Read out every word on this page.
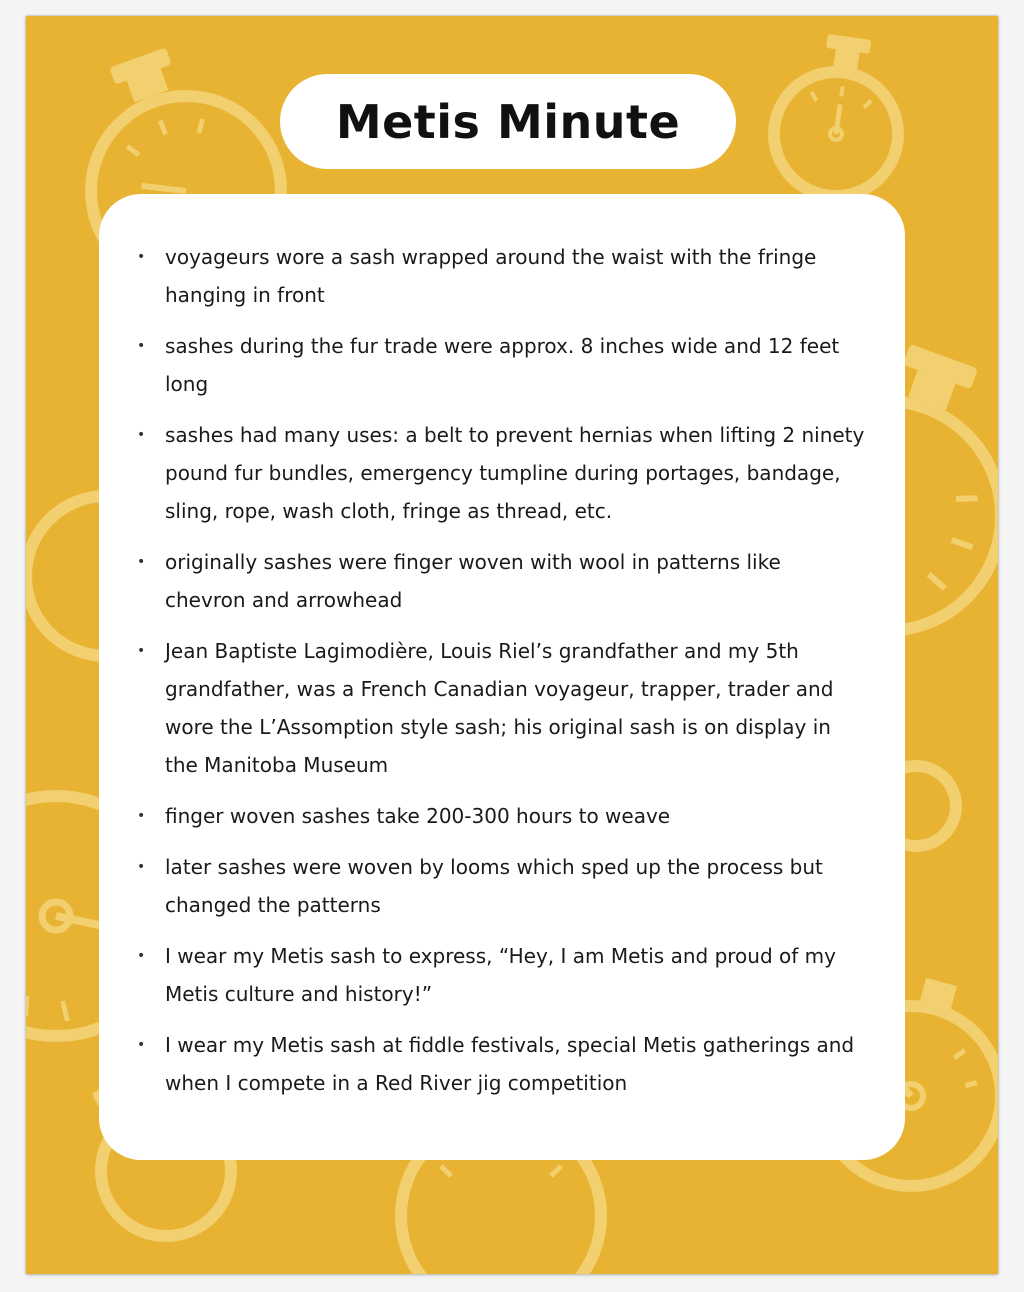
Metis Minute
• voyageurs wore a sash wrapped around the waist with the fringe hanging in front
• sashes during the fur trade were approx. 8 inches wide and 12 feet long
• sashes had many uses: a belt to prevent hernias when lifting 2 ninety pound fur bundles, emergency tumpline during portages, bandage, sling, rope, wash cloth, fringe as thread, etc.
• originally sashes were finger woven with wool in patterns like chevron and arrowhead
• Jean Baptiste Lagimodière, Louis Riel’s grandfather and my 5th grandfather, was a French Canadian voyageur, trapper, trader and wore the L’Assomption style sash; his original sash is on display in the Manitoba Museum
• finger woven sashes take 200-300 hours to weave
• later sashes were woven by looms which sped up the process but changed the patterns
• I wear my Metis sash to express, “Hey, I am Metis and proud of my Metis culture and history!”
• I wear my Metis sash at fiddle festivals, special Metis gatherings and when I compete in a Red River jig competition
